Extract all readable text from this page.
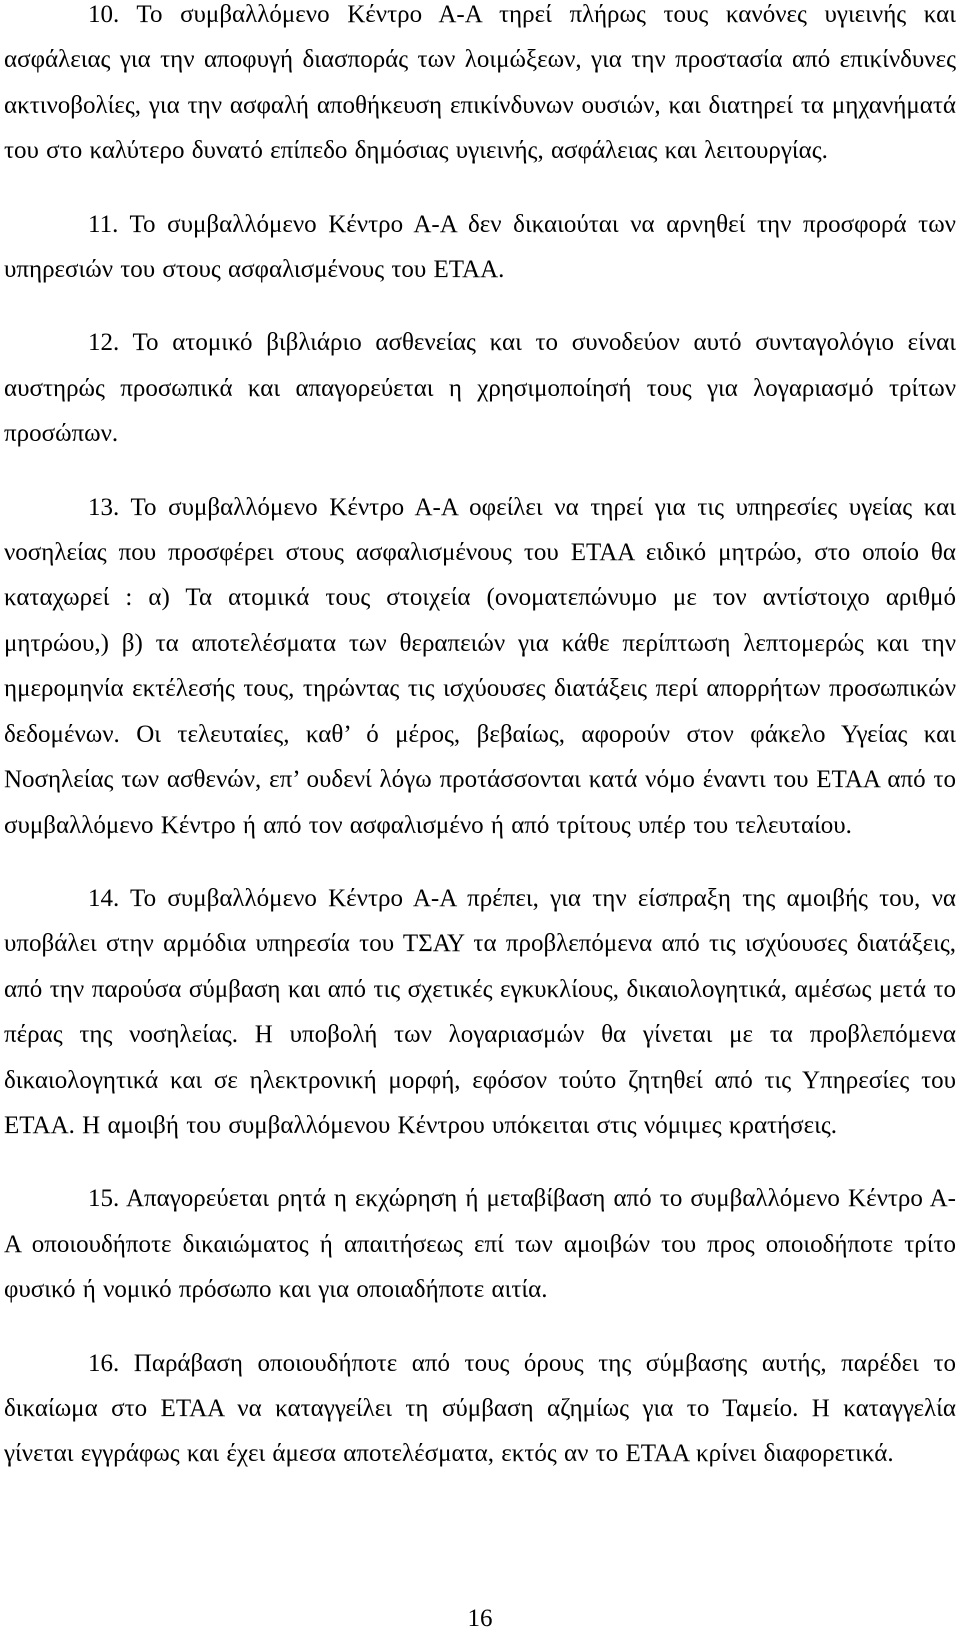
10. Το συμβαλλόμενο Κέντρο Α-Α τηρεί πλήρως τους κανόνες υγιεινής και ασφάλειας για την αποφυγή διασποράς των λοιμώξεων, για την προστασία από επικίνδυνες ακτινοβολίες, για την ασφαλή αποθήκευση επικίνδυνων ουσιών, και διατηρεί τα μηχανήματά του στο καλύτερο δυνατό επίπεδο δημόσιας υγιεινής, ασφάλειας και λειτουργίας.

11. Το συμβαλλόμενο Κέντρο Α-Α δεν δικαιούται να αρνηθεί την προσφορά των υπηρεσιών του στους ασφαλισμένους του ΕΤΑΑ.

12. Το ατομικό βιβλιάριο ασθενείας και το συνοδεύον αυτό συνταγολόγιο είναι αυστηρώς προσωπικά και απαγορεύεται η χρησιμοποίησή τους για λογαριασμό τρίτων προσώπων.

13. Το συμβαλλόμενο Κέντρο Α-Α οφείλει να τηρεί για τις υπηρεσίες υγείας και νοσηλείας που προσφέρει στους ασφαλισμένους του ΕΤΑΑ ειδικό μητρώο, στο οποίο θα καταχωρεί : α) Τα ατομικά τους στοιχεία (ονοματεπώνυμο με τον αντίστοιχο αριθμό μητρώου,) β) τα αποτελέσματα των θεραπειών για κάθε περίπτωση λεπτομερώς και την ημερομηνία εκτέλεσής τους, τηρώντας τις ισχύουσες διατάξεις περί απορρήτων προσωπικών δεδομένων. Οι τελευταίες, καθ’ ό μέρος, βεβαίως, αφορούν στον φάκελο Υγείας και Νοσηλείας των ασθενών, επ’ ουδενί λόγω προτάσσονται κατά νόμο έναντι του ΕΤΑΑ από το συμβαλλόμενο Κέντρο ή από τον ασφαλισμένο ή από τρίτους υπέρ του τελευταίου.

14. Το συμβαλλόμενο Κέντρο Α-Α πρέπει, για την είσπραξη της αμοιβής του, να υποβάλει στην αρμόδια υπηρεσία του ΤΣΑΥ τα προβλεπόμενα από τις ισχύουσες διατάξεις, από την παρούσα σύμβαση και από τις σχετικές εγκυκλίους, δικαιολογητικά, αμέσως μετά το πέρας της νοσηλείας. Η υποβολή των λογαριασμών θα γίνεται με τα προβλεπόμενα δικαιολογητικά και σε ηλεκτρονική μορφή, εφόσον τούτο ζητηθεί από τις Υπηρεσίες του ΕΤΑΑ. Η αμοιβή του συμβαλλόμενου Κέντρου υπόκειται στις νόμιμες κρατήσεις.

15. Απαγορεύεται ρητά η εκχώρηση ή μεταβίβαση από το συμβαλλόμενο Κέντρο Α-Α οποιουδήποτε δικαιώματος ή απαιτήσεως επί των αμοιβών του προς οποιοδήποτε τρίτο φυσικό ή νομικό πρόσωπο και για οποιαδήποτε αιτία.

16. Παράβαση οποιουδήποτε από τους όρους της σύμβασης αυτής, παρέδει το δικαίωμα στο ΕΤΑΑ να καταγγείλει τη σύμβαση αζημίως για το Ταμείο. Η καταγγελία γίνεται εγγράφως και έχει άμεσα αποτελέσματα, εκτός αν το ΕΤΑΑ κρίνει διαφορετικά.

16
